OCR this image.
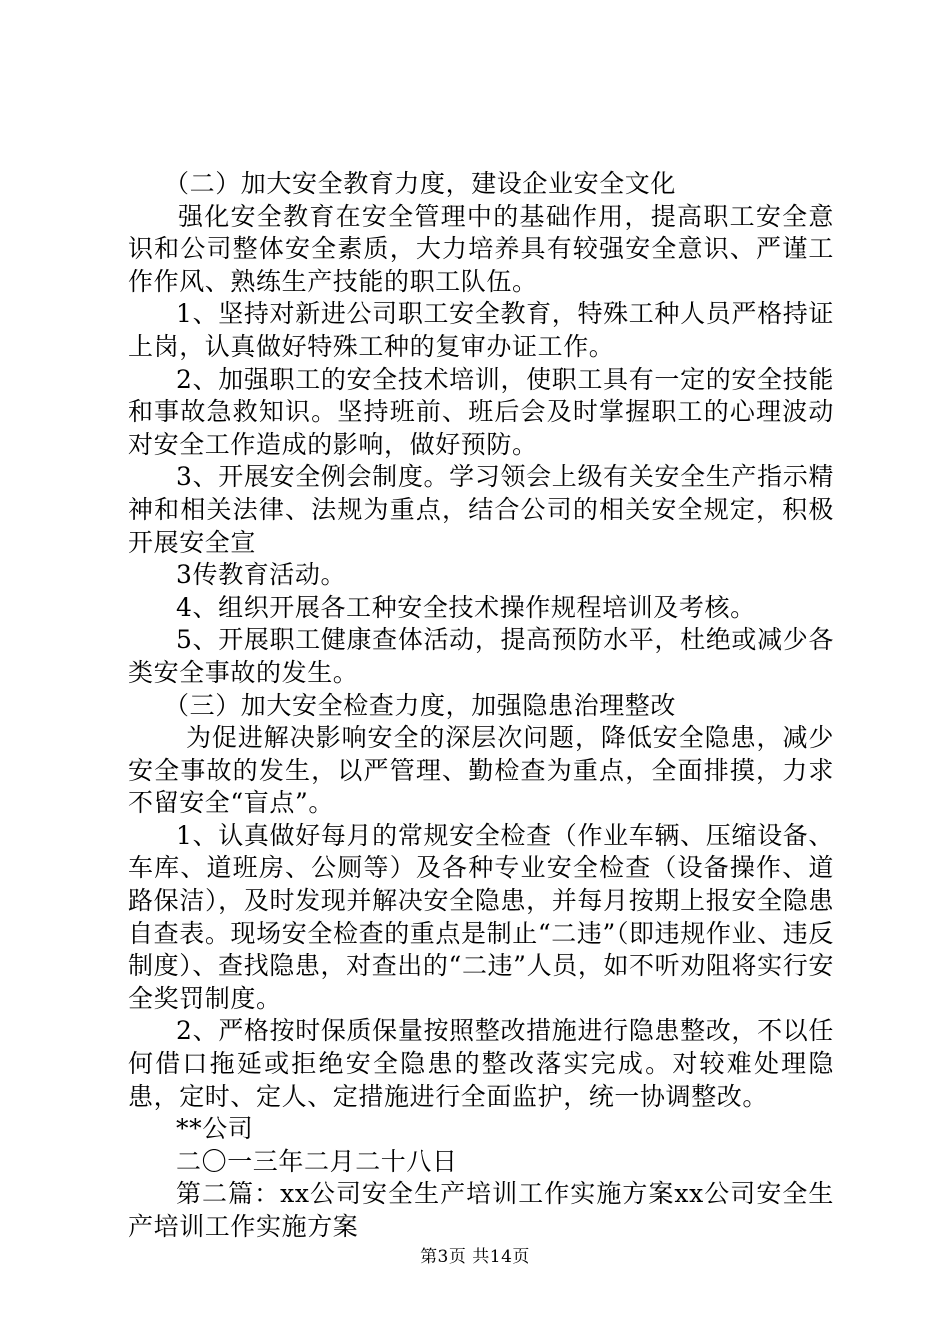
（二）加大安全教育力度，建设企业安全文化

强化安全教育在安全管理中的基础作用，提高职工安全意识和公司整体安全素质，大力培养具有较强安全意识、严谨工作作风、熟练生产技能的职工队伍。

1、坚持对新进公司职工安全教育，特殊工种人员严格持证上岗，认真做好特殊工种的复审办证工作。

2、加强职工的安全技术培训，使职工具有一定的安全技能和事故急救知识。坚持班前、班后会及时掌握职工的心理波动对安全工作造成的影响，做好预防。

3、开展安全例会制度。学习领会上级有关安全生产指示精神和相关法律、法规为重点，结合公司的相关安全规定，积极开展安全宣

3传教育活动。

4、组织开展各工种安全技术操作规程培训及考核。

5、开展职工健康查体活动，提高预防水平，杜绝或减少各类安全事故的发生。

（三）加大安全检查力度，加强隐患治理整改

为促进解决影响安全的深层次问题，降低安全隐患，减少安全事故的发生，以严管理、勤检查为重点，全面排摸，力求不留安全“盲点”。

1、认真做好每月的常规安全检查（作业车辆、压缩设备、车库、道班房、公厕等）及各种专业安全检查（设备操作、道路保洁），及时发现并解决安全隐患，并每月按期上报安全隐患自查表。现场安全检查的重点是制止“二违”（即违规作业、违反制度）、查找隐患，对查出的“二违”人员，如不听劝阻将实行安全奖罚制度。

2、严格按时保质保量按照整改措施进行隐患整改，不以任何借口拖延或拒绝安全隐患的整改落实完成。对较难处理隐患，定时、定人、定措施进行全面监护，统一协调整改。

**公司

二〇一三年二月二十八日

第二篇：xx公司安全生产培训工作实施方案xx公司安全生产培训工作实施方案

第3页 共14页
